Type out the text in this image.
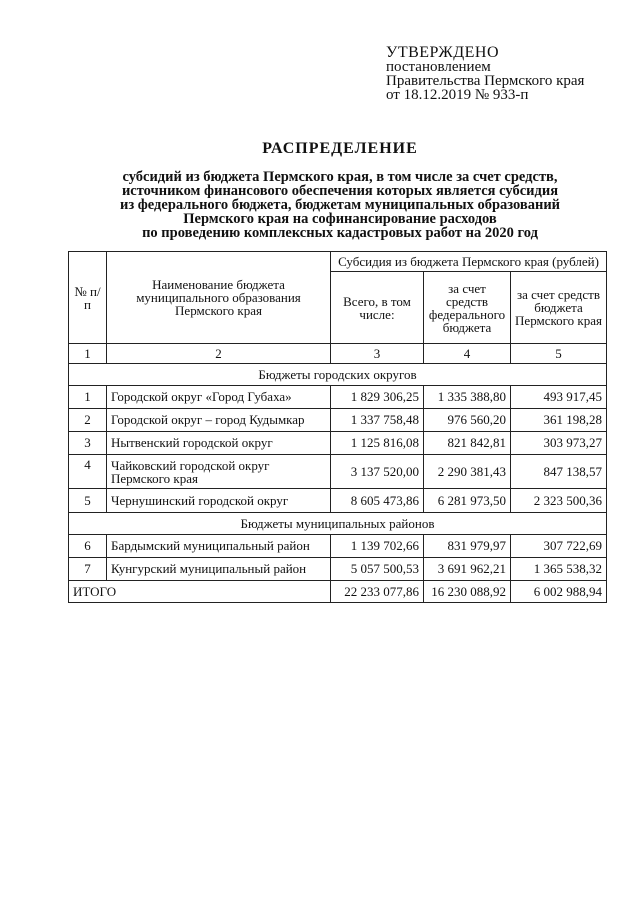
УТВЕРЖДЕНО
постановлением
Правительства Пермского края
от 18.12.2019 № 933-п
РАСПРЕДЕЛЕНИЕ
субсидий из бюджета Пермского края, в том числе за счет средств,
источником финансового обеспечения которых является субсидия
из федерального бюджета, бюджетам муниципальных образований
Пермского края на софинансирование расходов
по проведению комплексных кадастровых работ на 2020 год
№ п/п	Наименование бюджета муниципального образования Пермского края	Субсидия из бюджета Пермского края (рублей)		
		Всего, в том числе:	за счет средств федерального бюджета	за счет средств бюджета Пермского края
1	2	3	4	5
Бюджеты городских округов				
1	Городской округ «Город Губаха»	1 829 306,25	1 335 388,80	493 917,45
2	Городской округ – город Кудымкар	1 337 758,48	976 560,20	361 198,28
3	Нытвенский городской округ	1 125 816,08	821 842,81	303 973,27
4	Чайковский городской округ Пермского края	3 137 520,00	2 290 381,43	847 138,57
5	Чернушинский городской округ	8 605 473,86	6 281 973,50	2 323 500,36
Бюджеты муниципальных районов				
6	Бардымский муниципальный район	1 139 702,66	831 979,97	307 722,69
7	Кунгурский муниципальный район	5 057 500,53	3 691 962,21	1 365 538,32
ИТОГО		22 233 077,86	16 230 088,92	6 002 988,94
